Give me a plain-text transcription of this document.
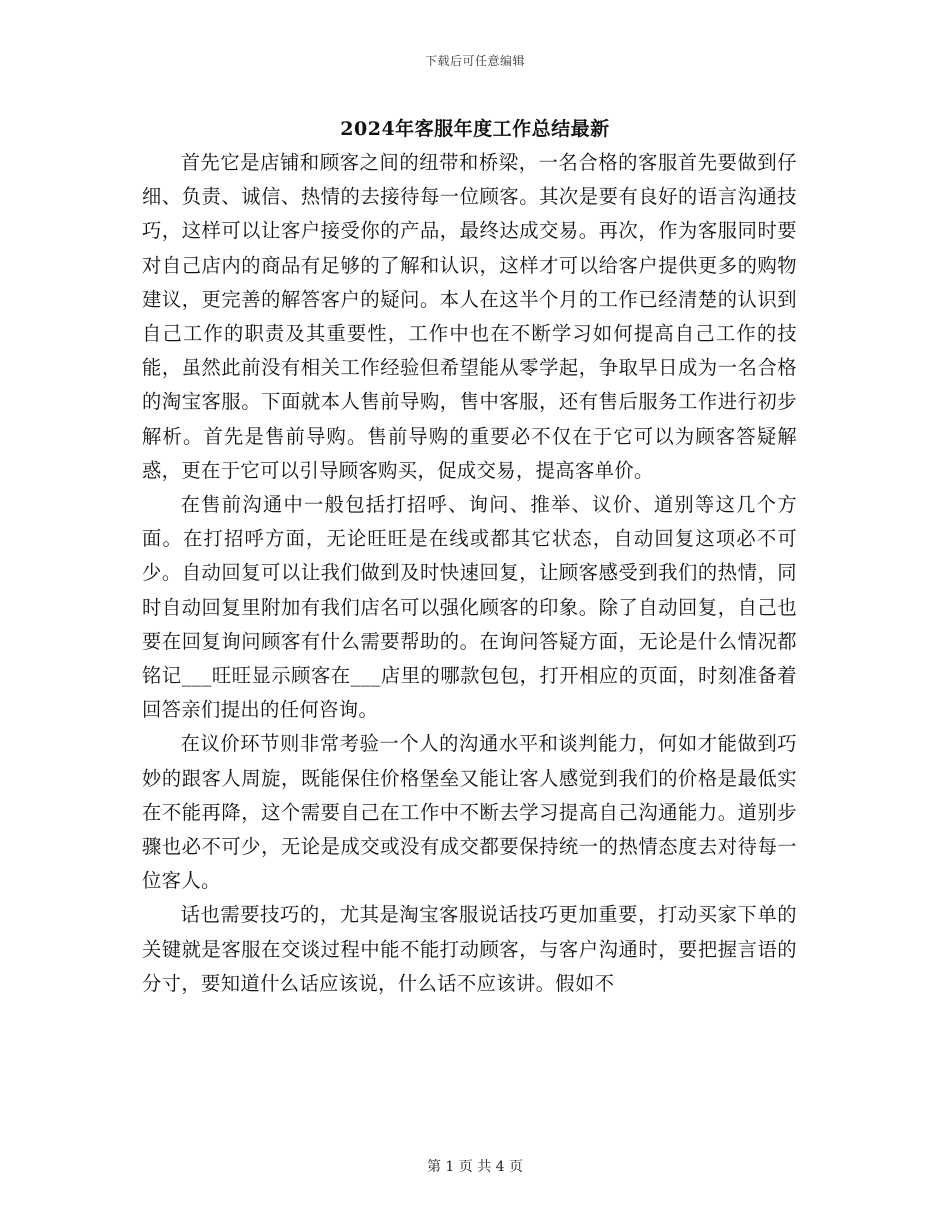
下载后可任意编辑
2024年客服年度工作总结最新

首先它是店铺和顾客之间的纽带和桥梁，一名合格的客服首先要做到仔细、负责、诚信、热情的去接待每一位顾客。其次是要有良好的语言沟通技巧，这样可以让客户接受你的产品，最终达成交易。再次，作为客服同时要对自己店内的商品有足够的了解和认识，这样才可以给客户提供更多的购物建议，更完善的解答客户的疑问。本人在这半个月的工作已经清楚的认识到自己工作的职责及其重要性，工作中也在不断学习如何提高自己工作的技能，虽然此前没有相关工作经验但希望能从零学起，争取早日成为一名合格的淘宝客服。下面就本人售前导购，售中客服，还有售后服务工作进行初步解析。首先是售前导购。售前导购的重要必不仅在于它可以为顾客答疑解惑，更在于它可以引导顾客购买，促成交易，提高客单价。

在售前沟通中一般包括打招呼、询问、推举、议价、道别等这几个方面。在打招呼方面，无论旺旺是在线或都其它状态，自动回复这项必不可少。自动回复可以让我们做到及时快速回复，让顾客感受到我们的热情，同时自动回复里附加有我们店名可以强化顾客的印象。除了自动回复，自己也要在回复询问顾客有什么需要帮助的。在询问答疑方面，无论是什么情况都铭记___旺旺显示顾客在___店里的哪款包包，打开相应的页面，时刻准备着回答亲们提出的任何咨询。

在议价环节则非常考验一个人的沟通水平和谈判能力，何如才能做到巧妙的跟客人周旋，既能保住价格堡垒又能让客人感觉到我们的价格是最低实在不能再降，这个需要自己在工作中不断去学习提高自己沟通能力。道别步骤也必不可少，无论是成交或没有成交都要保持统一的热情态度去对待每一位客人。

话也需要技巧的，尤其是淘宝客服说话技巧更加重要，打动买家下单的关键就是客服在交谈过程中能不能打动顾客，与客户沟通时，要把握言语的分寸，要知道什么话应该说，什么话不应该讲。假如不

第 1 页 共 4 页
